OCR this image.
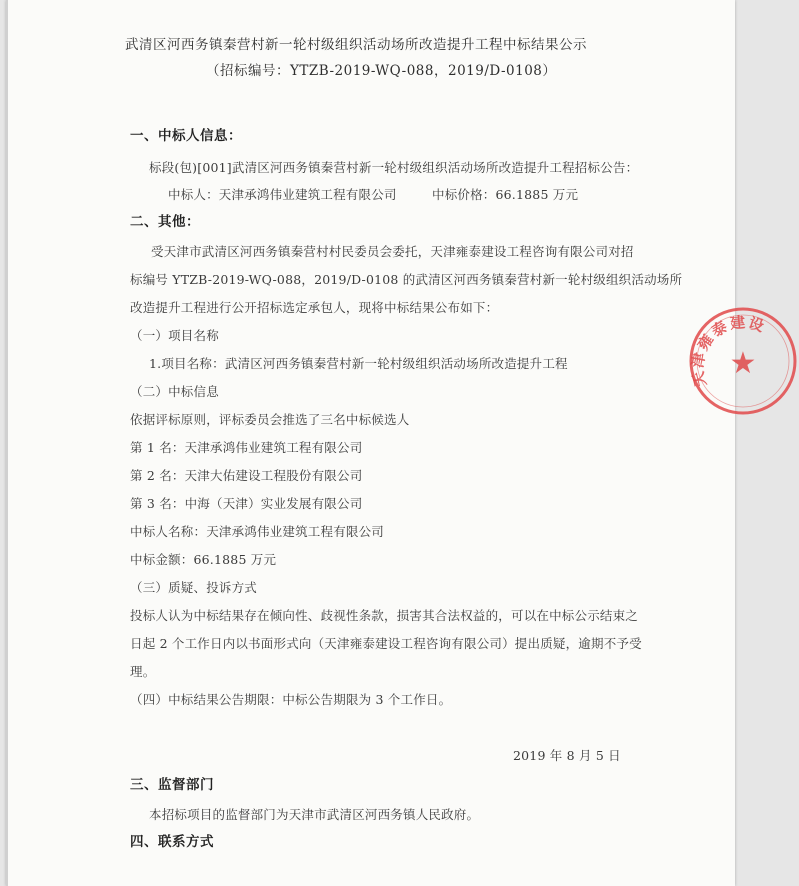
武清区河西务镇秦营村新一轮村级组织活动场所改造提升工程中标结果公示
（招标编号：YTZB-2019-WQ-088，2019/D-0108）
一、中标人信息：
标段(包)[001]武清区河西务镇秦营村新一轮村级组织活动场所改造提升工程招标公告：
中标人：天津承鸿伟业建筑工程有限公司	中标价格：66.1885 万元
二、其他：
受天津市武清区河西务镇秦营村村民委员会委托，天津雍泰建设工程咨询有限公司对招
标编号 YTZB-2019-WQ-088，2019/D-0108 的武清区河西务镇秦营村新一轮村级组织活动场所
改造提升工程进行公开招标选定承包人，现将中标结果公布如下：
（一）项目名称
1.项目名称：武清区河西务镇秦营村新一轮村级组织活动场所改造提升工程
（二）中标信息
依据评标原则，评标委员会推选了三名中标候选人
第 1 名：天津承鸿伟业建筑工程有限公司
第 2 名：天津大佑建设工程股份有限公司
第 3 名：中海（天津）实业发展有限公司
中标人名称：天津承鸿伟业建筑工程有限公司
中标金额：66.1885 万元
（三）质疑、投诉方式
投标人认为中标结果存在倾向性、歧视性条款，损害其合法权益的，可以在中标公示结束之
日起 2 个工作日内以书面形式向（天津雍泰建设工程咨询有限公司）提出质疑，逾期不予受
理。
（四）中标结果公告期限：中标公告期限为 3 个工作日。
2019 年 8 月 5 日
三、监督部门
本招标项目的监督部门为天津市武清区河西务镇人民政府。
四、联系方式
天津雍泰建设
★
